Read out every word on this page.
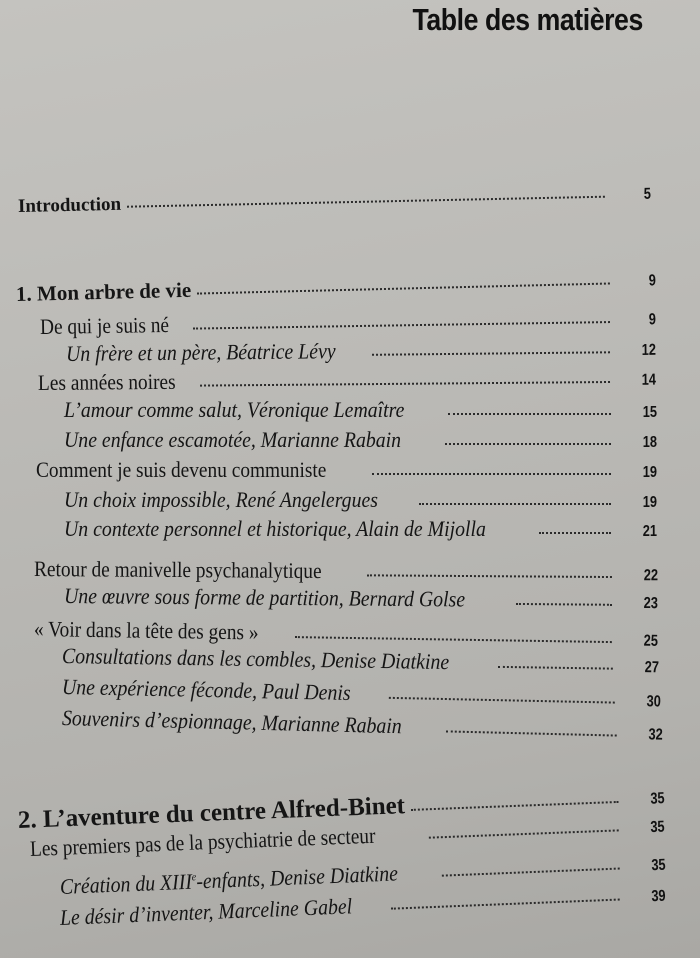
Table des matières
Introduction	5
1. Mon arbre de vie	9
De qui je suis né	9
Un frère et un père, Béatrice Lévy	12
Les années noires	14
L’amour comme salut, Véronique Lemaître	15
Une enfance escamotée, Marianne Rabain	18
Comment je suis devenu communiste	19
Un choix impossible, René Angelergues	19
Un contexte personnel et historique, Alain de Mijolla	21
Retour de manivelle psychanalytique	22
Une œuvre sous forme de partition, Bernard Golse	23
« Voir dans la tête des gens »	25
Consultations dans les combles, Denise Diatkine	27
Une expérience féconde, Paul Denis	30
Souvenirs d’espionnage, Marianne Rabain	32
2. L’aventure du centre Alfred-Binet	35
Les premiers pas de la psychiatrie de secteur	35
Création du XIIIe-enfants, Denise Diatkine	35
Le désir d’inventer, Marceline Gabel	39
